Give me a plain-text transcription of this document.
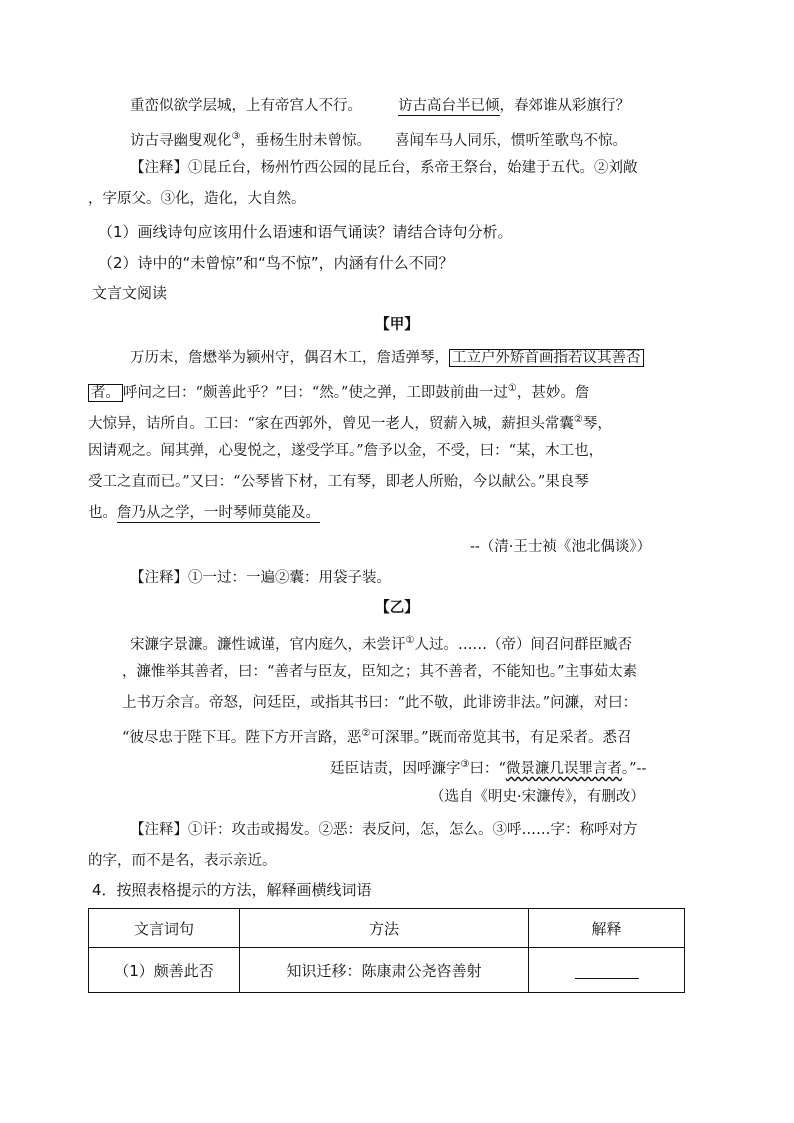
重峦似欲学层城，上有帝宫人不行。 访古高台半已倾，春郊谁从彩旗行？
访古寻幽叟观化③，垂杨生肘未曾惊。 喜闻车马人同乐，惯听笙歌鸟不惊。
【注释】①昆丘台，杨州竹西公园的昆丘台，系帝王祭台，始建于五代。②刘敞
，字原父。③化，造化，大自然。
（1）画线诗句应该用什么语速和语气诵读？请结合诗句分析。
（2）诗中的“未曾惊”和“鸟不惊”，内涵有什么不同？
文言文阅读
【甲】
万历末，詹懋举为颍州守，偶召木工，詹适弹琴， 工立户外矫首画指若议其善否
者。 呼问之曰：“颇善此乎？”曰：“然。”使之弹，工即鼓前曲一过①，甚妙。詹
大惊异，诘所自。工曰：“家在西郭外，曾见一老人，贸薪入城，薪担头常囊②琴，
因请观之。闻其弹，心叟悦之，遂受学耳。”詹予以金，不受，曰：“某，木工也，
受工之直而已。”又曰：“公琴皆下材，工有琴，即老人所贻，今以献公。”果良琴
也。詹乃从之学，一时琴师莫能及。
--（清·王士祯《池北偶谈》）
【注释】①一过：一遍②囊：用袋子装。
【乙】
宋濂字景濂。濂性诚谨，官内庭久，未尝讦①人过。……（帝）间召问群臣臧否
，濂惟举其善者，曰：“善者与臣友，臣知之；其不善者，不能知也。”主事茹太素
上书万余言。帝怒，问廷臣，或指其书曰：“此不敬，此诽谤非法。”问濂，对曰：
“彼尽忠于陛下耳。陛下方开言路，恶②可深罪。”既而帝览其书，有足采者。悉召
廷臣诘责，因呼濂字③曰：“微景濂几误罪言者。”--
（选自《明史·宋濂传》，有删改）
【注释】①讦：攻击或揭发。②恶：表反问，怎，怎么。③呼……字：称呼对方
的字，而不是名，表示亲近。
4．按照表格提示的方法，解释画横线词语
文言词句	方法	解释
（1）颇善此否	知识迁移：陈康肃公尧咨善射	
